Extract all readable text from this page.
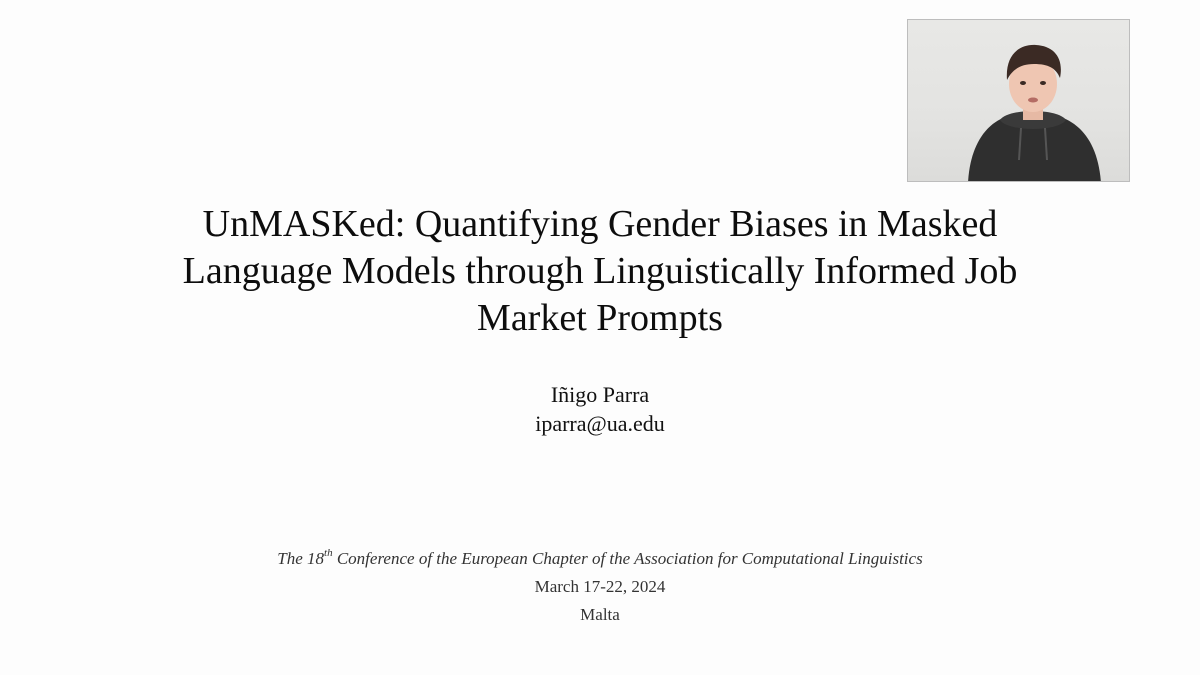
UnMASKed: Quantifying Gender Biases in Masked
Language Models through Linguistically Informed Job
Market Prompts
Iñigo Parra
iparra@ua.edu
The 18th Conference of the European Chapter of the Association for Computational Linguistics
March 17-22, 2024
Malta
